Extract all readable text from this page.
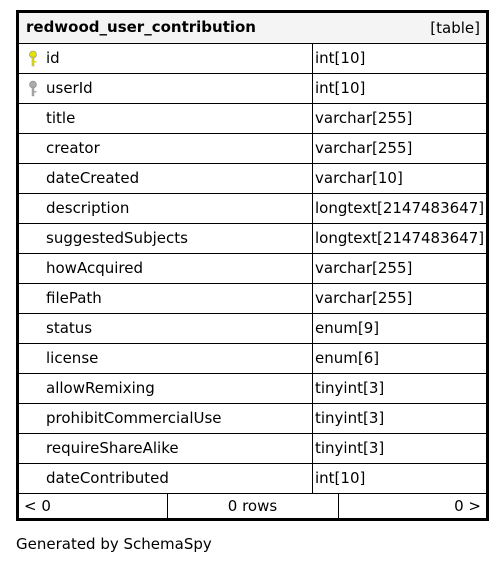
redwood_user_contribution	[table]
id	int[10]
userId	int[10]
title	varchar[255]
creator	varchar[255]
dateCreated	varchar[10]
description	longtext[2147483647]
suggestedSubjects	longtext[2147483647]
howAcquired	varchar[255]
filePath	varchar[255]
status	enum[9]
license	enum[6]
allowRemixing	tinyint[3]
prohibitCommercialUse	tinyint[3]
requireShareAlike	tinyint[3]
dateContributed	int[10]
< 0	0 rows	0 >
Generated by SchemaSpy
